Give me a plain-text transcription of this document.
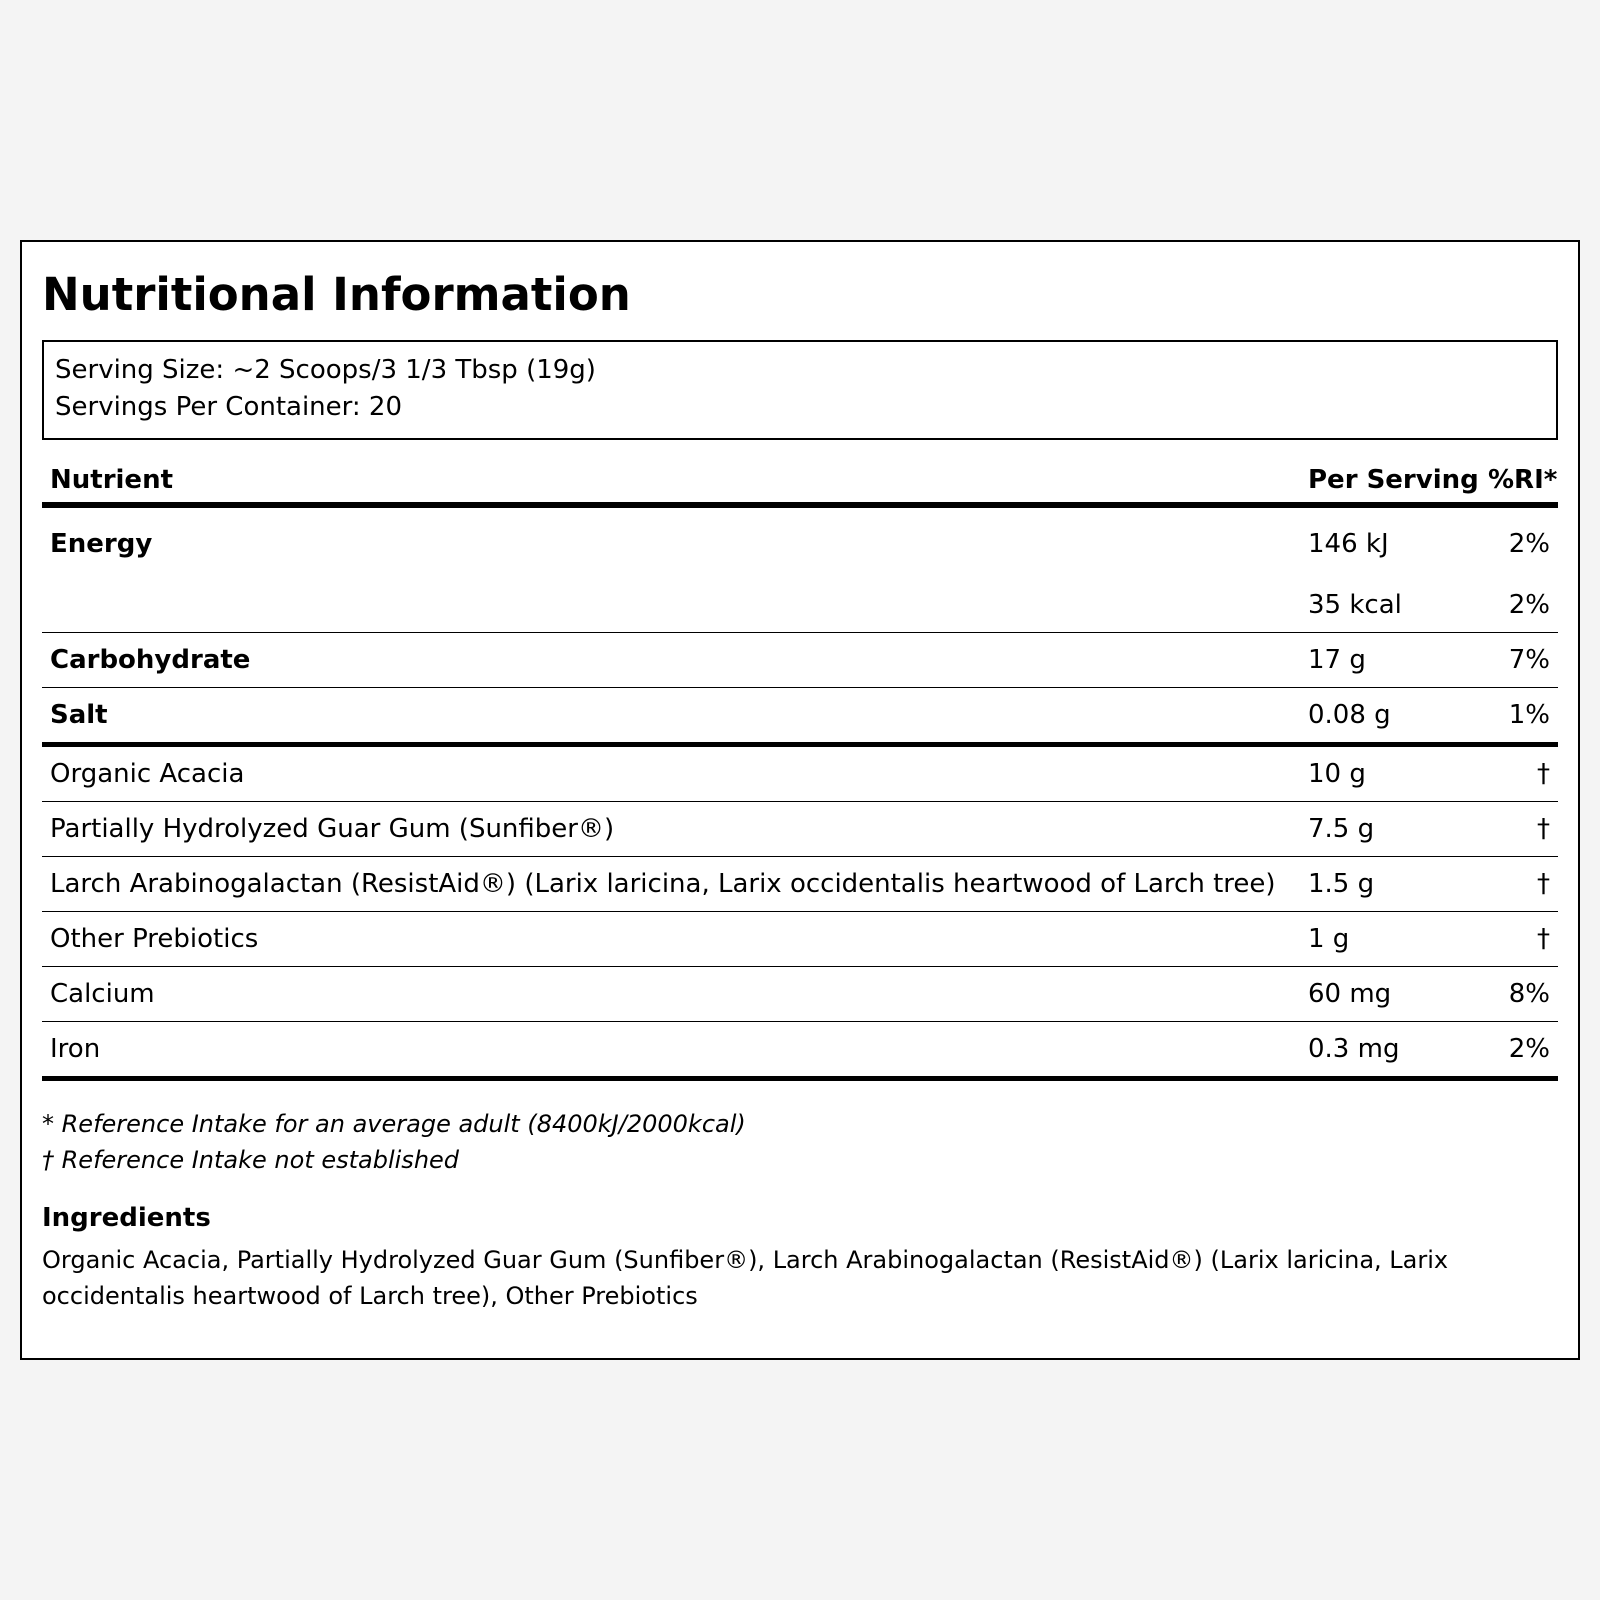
Nutritional Information
Serving Size: ~2 Scoops/3 1/3 Tbsp (19g)
Servings Per Container: 20
Nutrient	Per Serving	%RI*
Energy	146 kJ	2%
	35 kcal	2%
Carbohydrate	17 g	7%
Salt	0.08 g	1%
Organic Acacia	10 g	†
Partially Hydrolyzed Guar Gum (Sunfiber®)	7.5 g	†
Larch Arabinogalactan (ResistAid®) (Larix laricina, Larix occidentalis heartwood of Larch tree)	1.5 g	†
Other Prebiotics	1 g	†
Calcium	60 mg	8%
Iron	0.3 mg	2%
* Reference Intake for an average adult (8400kJ/2000kcal)
† Reference Intake not established
Ingredients

Organic Acacia, Partially Hydrolyzed Guar Gum (Sunfiber®), Larch Arabinogalactan (ResistAid®) (Larix laricina, Larix occidentalis heartwood of Larch tree), Other Prebiotics
